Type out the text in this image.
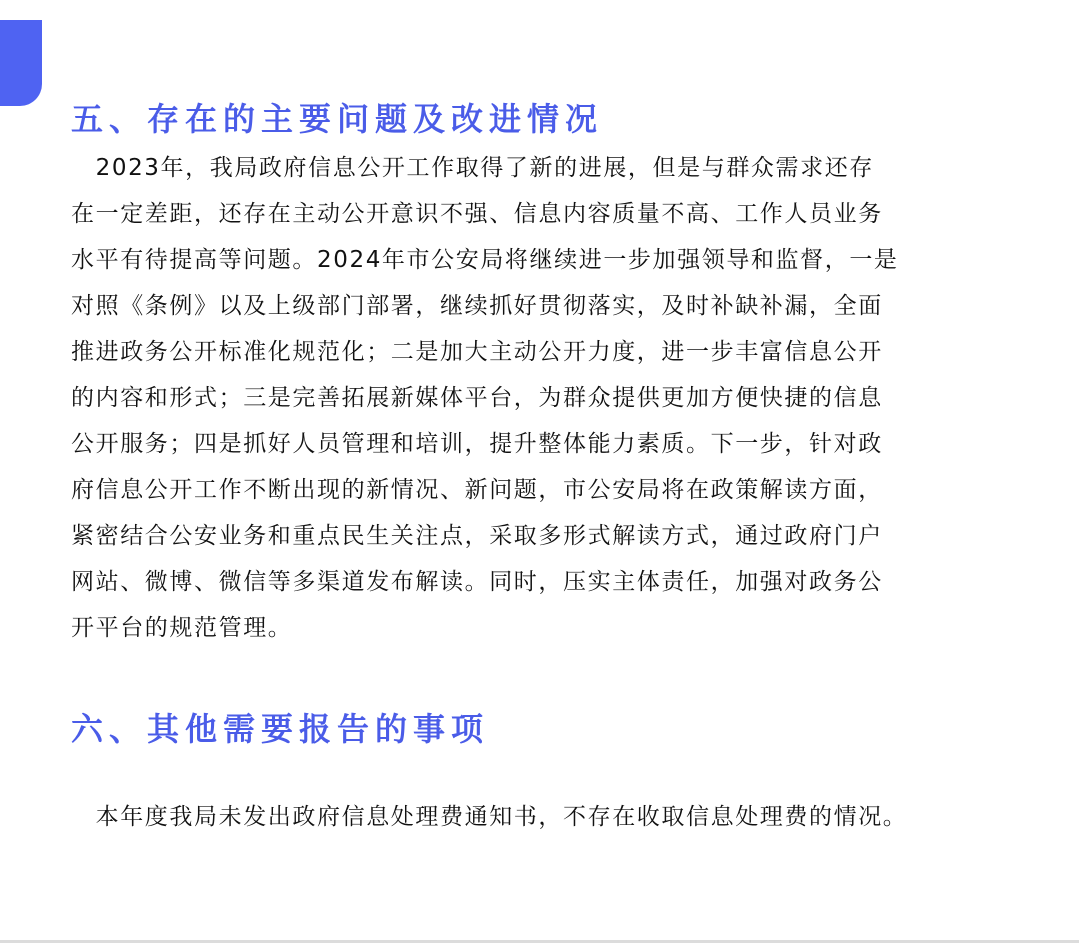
五、存在的主要问题及改进情况
　2023年，我局政府信息公开工作取得了新的进展，但是与群众需求还存
在一定差距，还存在主动公开意识不强、信息内容质量不高、工作人员业务
水平有待提高等问题。2024年市公安局将继续进一步加强领导和监督，一是
对照《条例》以及上级部门部署，继续抓好贯彻落实，及时补缺补漏，全面
推进政务公开标准化规范化；二是加大主动公开力度，进一步丰富信息公开
的内容和形式；三是完善拓展新媒体平台，为群众提供更加方便快捷的信息
公开服务；四是抓好人员管理和培训，提升整体能力素质。下一步，针对政
府信息公开工作不断出现的新情况、新问题，市公安局将在政策解读方面，
紧密结合公安业务和重点民生关注点，采取多形式解读方式，通过政府门户
网站、微博、微信等多渠道发布解读。同时，压实主体责任，加强对政务公
开平台的规范管理。
六、其他需要报告的事项
　本年度我局未发出政府信息处理费通知书，不存在收取信息处理费的情况。
